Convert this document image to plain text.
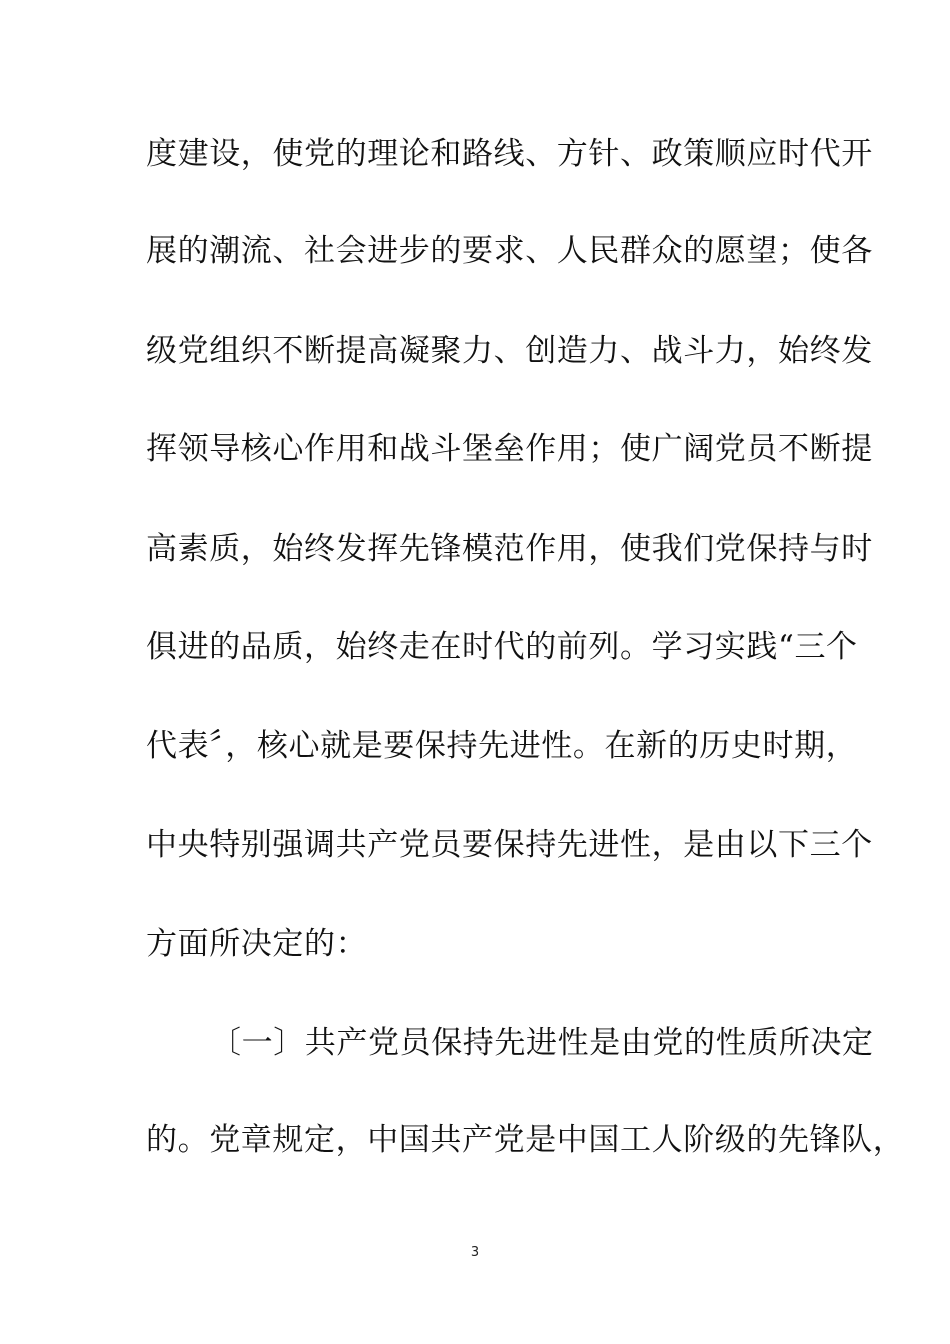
度建设，使党的理论和路线、方针、政策顺应时代开
展的潮流、社会进步的要求、人民群众的愿望；使各
级党组织不断提高凝聚力、创造力、战斗力，始终发
挥领导核心作用和战斗堡垒作用；使广阔党员不断提
高素质，始终发挥先锋模范作用，使我们党保持与时
俱进的品质，始终走在时代的前列。学习实践“三个
代表〞，核心就是要保持先进性。在新的历史时期，
中央特别强调共产党员要保持先进性，是由以下三个
方面所决定的：
〔一〕共产党员保持先进性是由党的性质所决定
的。党章规定，中国共产党是中国工人阶级的先锋队，
3
